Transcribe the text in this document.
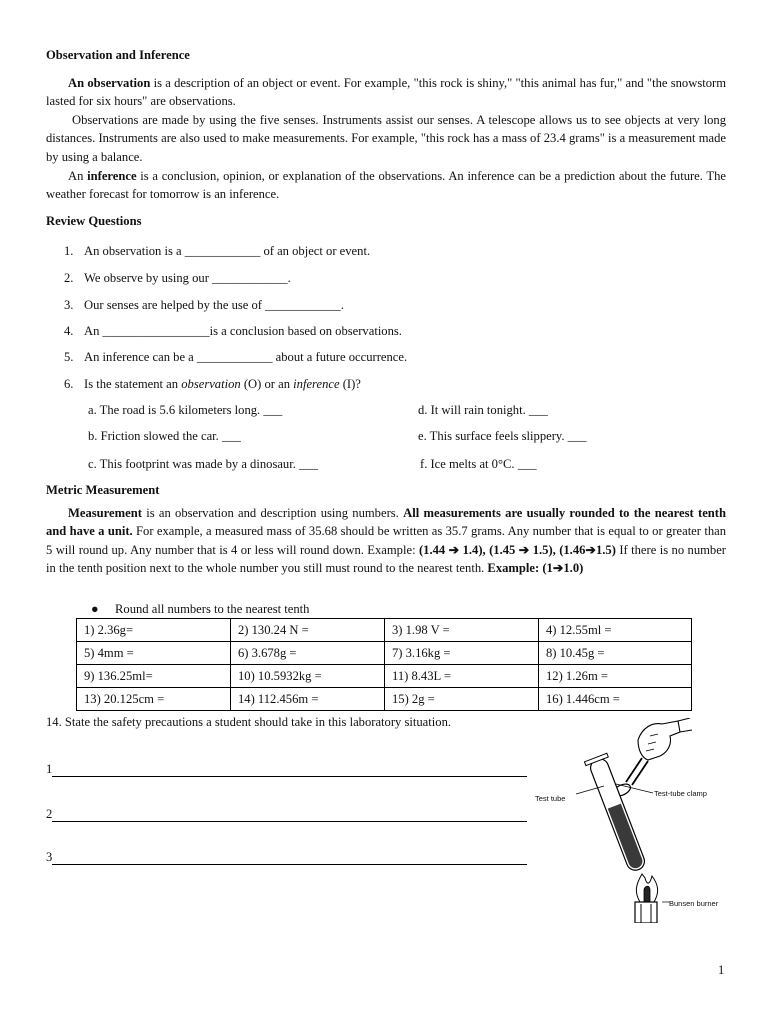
Observation and Inference
An observation is a description of an object or event. For example, "this rock is shiny," "this animal has fur," and "the snowstorm lasted for six hours" are observations.
Observations are made by using the five senses. Instruments assist our senses. A telescope allows us to see objects at very long distances. Instruments are also used to make measurements. For example, "this rock has a mass of 23.4 grams" is a measurement made by using a balance.
An inference is a conclusion, opinion, or explanation of the observations. An inference can be a prediction about the future. The weather forecast for tomorrow is an inference.
Review Questions
1. An observation is a ____________ of an object or event.
2. We observe by using our ____________.
3. Our senses are helped by the use of ____________.
4. An _________________is a conclusion based on observations.
5. An inference can be a ____________ about a future occurrence.
6. Is the statement an observation (O) or an inference (I)?
a. The road is 5.6 kilometers long. ___
b. Friction slowed the car. ___
c. This footprint was made by a dinosaur. ___
d. It will rain tonight. ___
e. This surface feels slippery. ___
f. Ice melts at 0°C. ___
Metric Measurement
Measurement is an observation and description using numbers. All measurements are usually rounded to the nearest tenth and have a unit. For example, a measured mass of 35.68 should be written as 35.7 grams. Any number that is equal to or greater than 5 will round up. Any number that is 4 or less will round down. Example: (1.44 ➔ 1.4), (1.45 ➔ 1.5), (1.46➔1.5) If there is no number in the tenth position next to the whole number you still must round to the nearest tenth. Example: (1➔1.0)
● Round all numbers to the nearest tenth
1) 2.36g=	2) 130.24 N =	3) 1.98 V =	4) 12.55ml =
5) 4mm =	6) 3.678g =	7) 3.16kg =	8) 10.45g =
9) 136.25ml=	10) 10.5932kg =	11) 8.43L =	12) 1.26m =
13) 20.125cm =	14) 112.456m =	15) 2g =	16) 1.446cm =
14. State the safety precautions a student should take in this laboratory situation.
1
2
3
Test tube
Test-tube clamp
Bunsen burner
1
